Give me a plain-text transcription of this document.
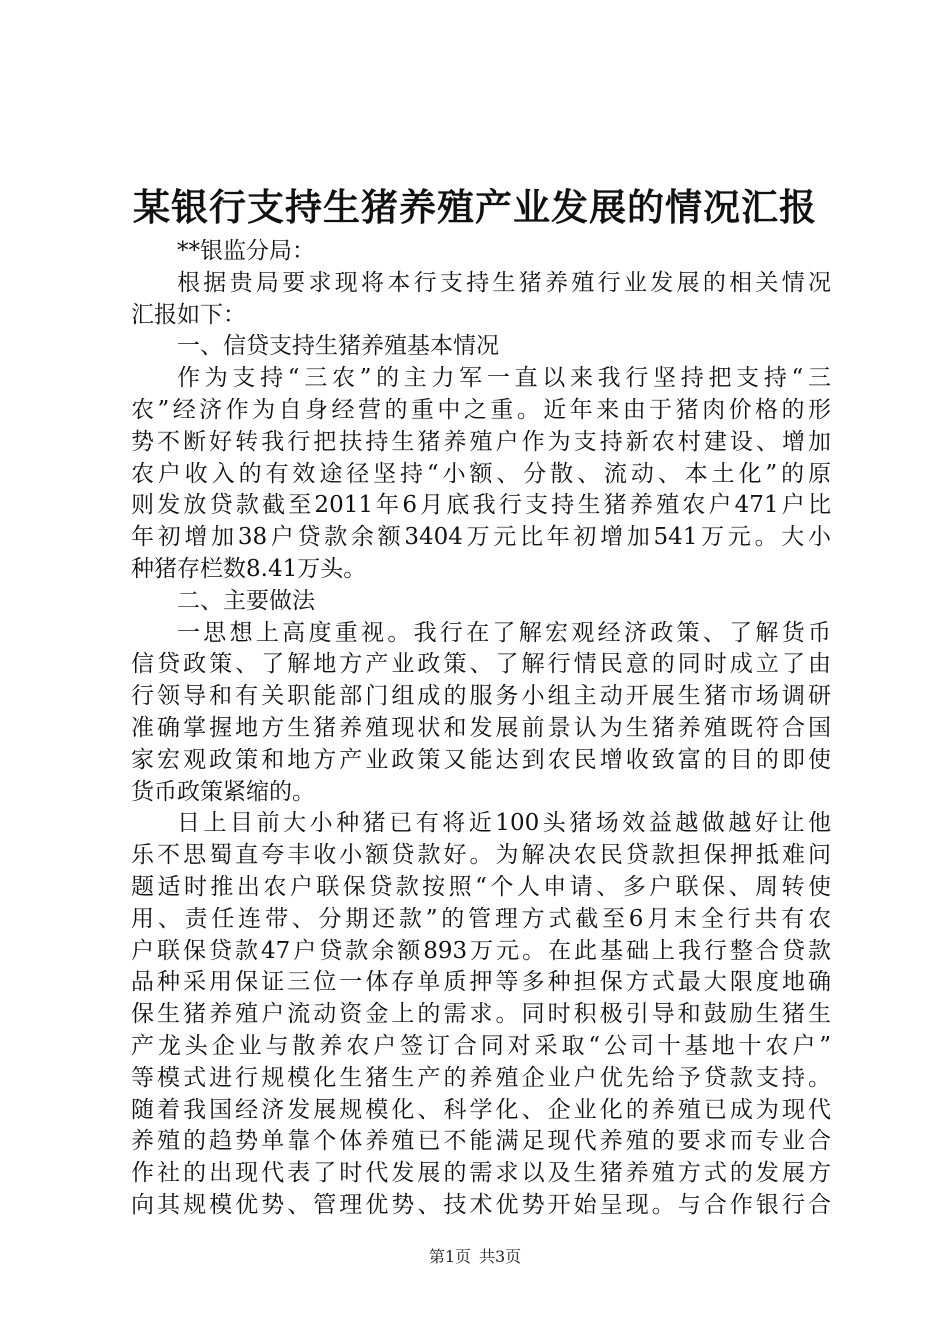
某银行支持生猪养殖产业发展的情况汇报
**银监分局：
根据贵局要求现将本行支持生猪养殖行业发展的相关情况
汇报如下：
一、信贷支持生猪养殖基本情况
作为支持“三农”的主力军一直以来我行坚持把支持“三
农”经济作为自身经营的重中之重。近年来由于猪肉价格的形
势不断好转我行把扶持生猪养殖户作为支持新农村建设、增加
农户收入的有效途径坚持“小额、分散、流动、本土化”的原
则发放贷款截至2011年6月底我行支持生猪养殖农户471户比
年初增加38户贷款余额3404万元比年初增加541万元。大小
种猪存栏数8.41万头。
二、主要做法
一思想上高度重视。我行在了解宏观经济政策、了解货币
信贷政策、了解地方产业政策、了解行情民意的同时成立了由
行领导和有关职能部门组成的服务小组主动开展生猪市场调研
准确掌握地方生猪养殖现状和发展前景认为生猪养殖既符合国
家宏观政策和地方产业政策又能达到农民增收致富的目的即使
货币政策紧缩的。
日上目前大小种猪已有将近100头猪场效益越做越好让他
乐不思蜀直夸丰收小额贷款好。为解决农民贷款担保押抵难问
题适时推出农户联保贷款按照“个人申请、多户联保、周转使
用、责任连带、分期还款”的管理方式截至6月末全行共有农
户联保贷款47户贷款余额893万元。在此基础上我行整合贷款
品种采用保证三位一体存单质押等多种担保方式最大限度地确
保生猪养殖户流动资金上的需求。同时积极引导和鼓励生猪生
产龙头企业与散养农户签订合同对采取“公司十基地十农户”
等模式进行规模化生猪生产的养殖企业户优先给予贷款支持。
随着我国经济发展规模化、科学化、企业化的养殖已成为现代
养殖的趋势单靠个体养殖已不能满足现代养殖的要求而专业合
作社的出现代表了时代发展的需求以及生猪养殖方式的发展方
向其规模优势、管理优势、技术优势开始呈现。与合作银行合
第1页 共3页
